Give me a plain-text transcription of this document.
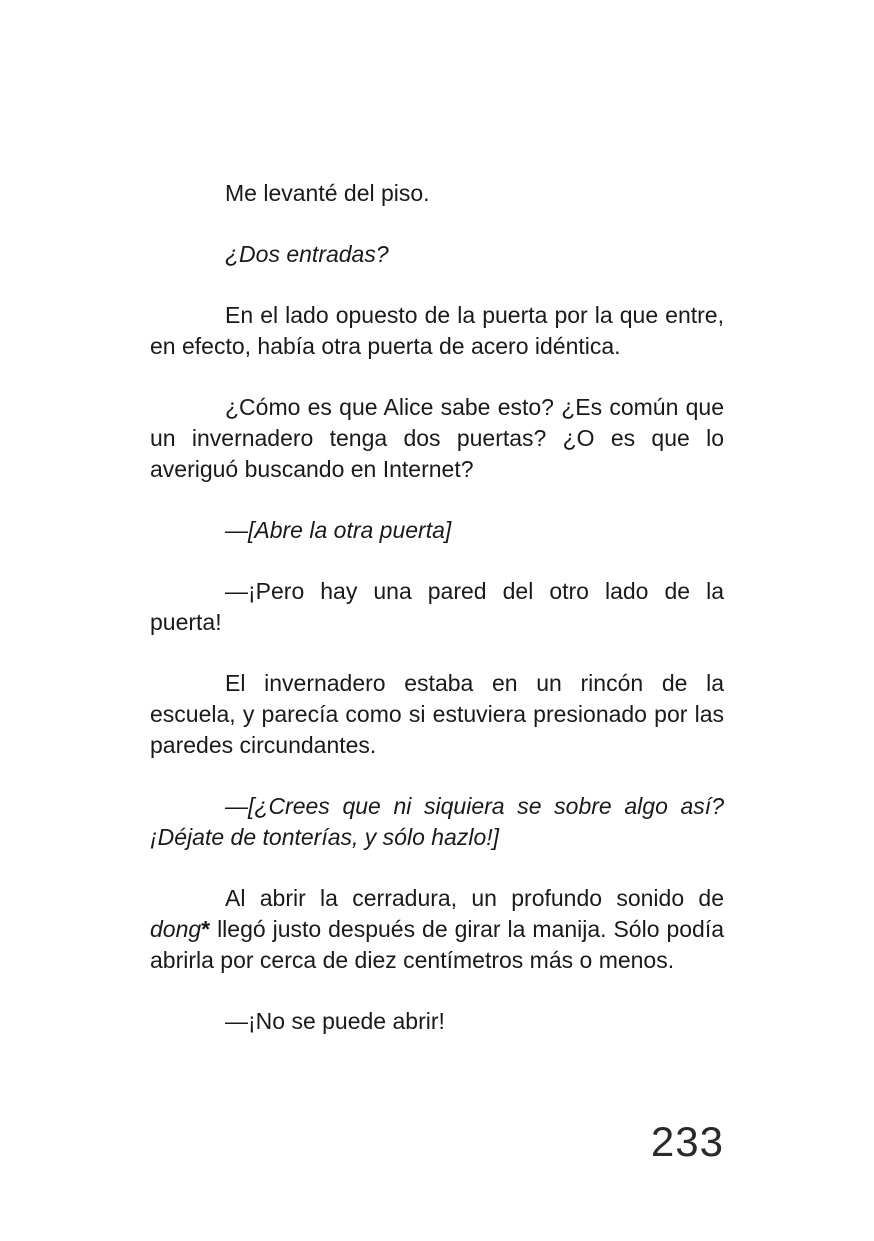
Me levanté del piso.

¿Dos entradas?

En el lado opuesto de la puerta por la que entre, en efecto, había otra puerta de acero idéntica.

¿Cómo es que Alice sabe esto? ¿Es común que un invernadero tenga dos puertas? ¿O es que lo averiguó buscando en Internet?

—[Abre la otra puerta]

—¡Pero hay una pared del otro lado de la puerta!

El invernadero estaba en un rincón de la escuela, y parecía como si estuviera presionado por las paredes circundantes.

—[¿Crees que ni siquiera se sobre algo así? ¡Déjate de tonterías, y sólo hazlo!]

Al abrir la cerradura, un profundo sonido de dong* llegó justo después de girar la manija. Sólo podía abrirla por cerca de diez centímetros más o menos.

—¡No se puede abrir!

233
